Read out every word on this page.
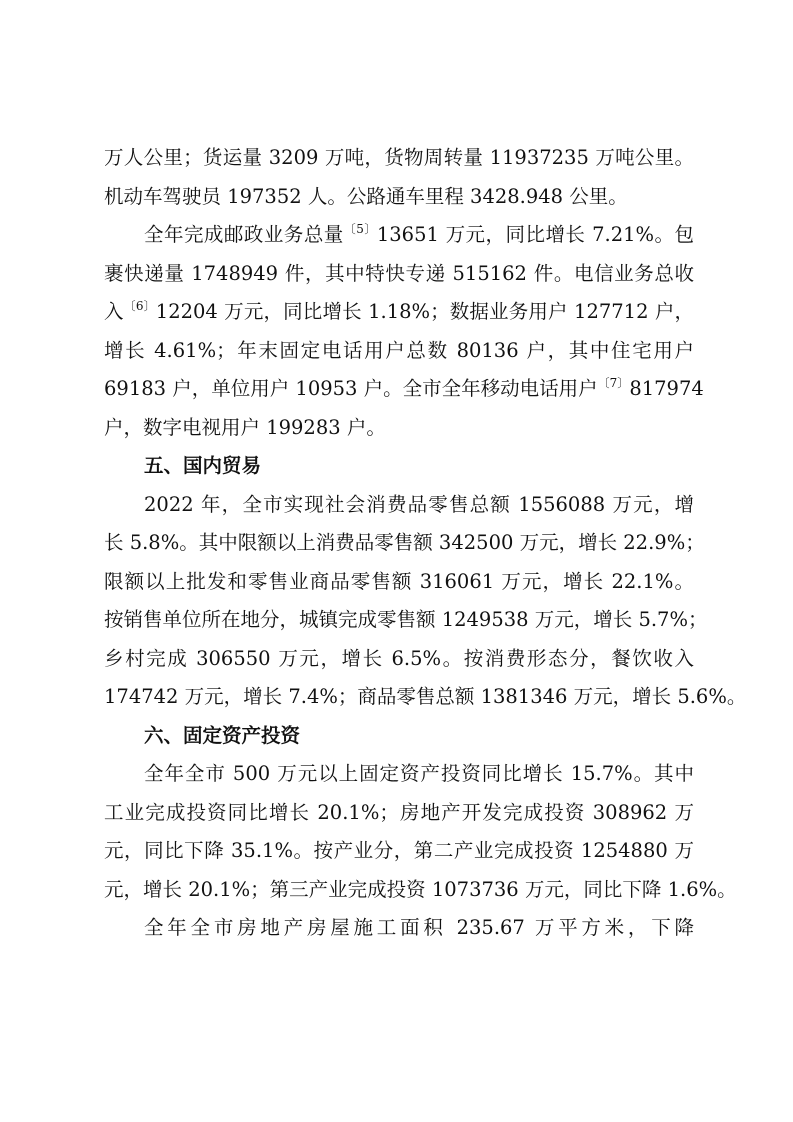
万人公里；货运量 3209 万吨，货物周转量 11937235 万吨公里。
机动车驾驶员 197352 人。公路通车里程 3428.948 公里。
全年完成邮政业务总量$^{〔5〕}$13651 万元，同比增长 7.21%。包
裹快递量 1748949 件，其中特快专递 515162 件。电信业务总收
入$^{〔6〕}$12204 万元，同比增长 1.18%；数据业务用户 127712 户，
增长 4.61%；年末固定电话用户总数 80136 户，其中住宅用户
69183 户，单位用户 10953 户。全市全年移动电话用户$^{〔7〕}$817974
户，数字电视用户 199283 户。
五、国内贸易
2022 年，全市实现社会消费品零售总额 1556088 万元，增
长 5.8%。其中限额以上消费品零售额 342500 万元，增长 22.9%；
限额以上批发和零售业商品零售额 316061 万元，增长 22.1%。
按销售单位所在地分，城镇完成零售额 1249538 万元，增长 5.7%；
乡村完成 306550 万元，增长 6.5%。按消费形态分，餐饮收入
174742 万元，增长 7.4%；商品零售总额 1381346 万元，增长 5.6%。
六、固定资产投资
全年全市 500 万元以上固定资产投资同比增长 15.7%。其中
工业完成投资同比增长 20.1%；房地产开发完成投资 308962 万
元，同比下降 35.1%。按产业分，第二产业完成投资 1254880 万
元，增长 20.1%；第三产业完成投资 1073736 万元，同比下降 1.6%。
全年全市房地产房屋施工面积 235.67 万平方米，下降
